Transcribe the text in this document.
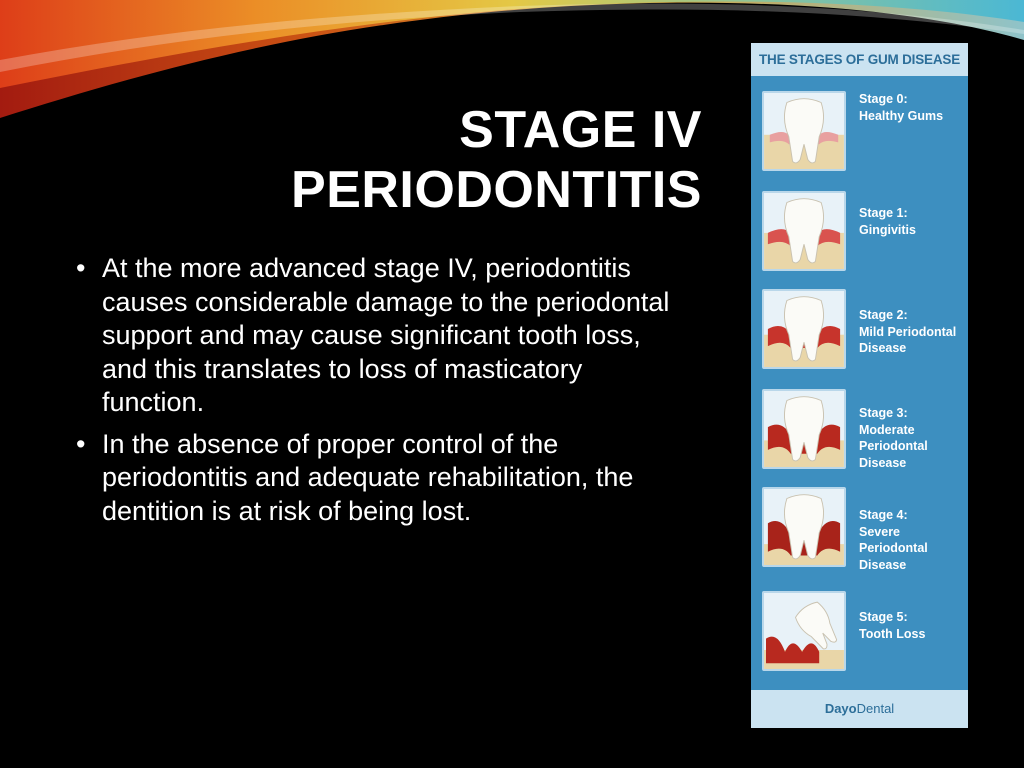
STAGE IV
PERIODONTITIS
• At the more advanced stage IV, periodontitis causes considerable damage to the periodontal support and may cause significant tooth loss, and this translates to loss of masticatory function.
• In the absence of proper control of the periodontitis and adequate rehabilitation, the dentition is at risk of being lost.
THE STAGES OF GUM DISEASE
Stage 0:
Healthy Gums
Stage 1:
Gingivitis
Stage 2:
Mild Periodontal
Disease
Stage 3:
Moderate Periodontal
Disease
Stage 4:
Severe Periodontal
Disease
Stage 5:
Tooth Loss
DayoDental
